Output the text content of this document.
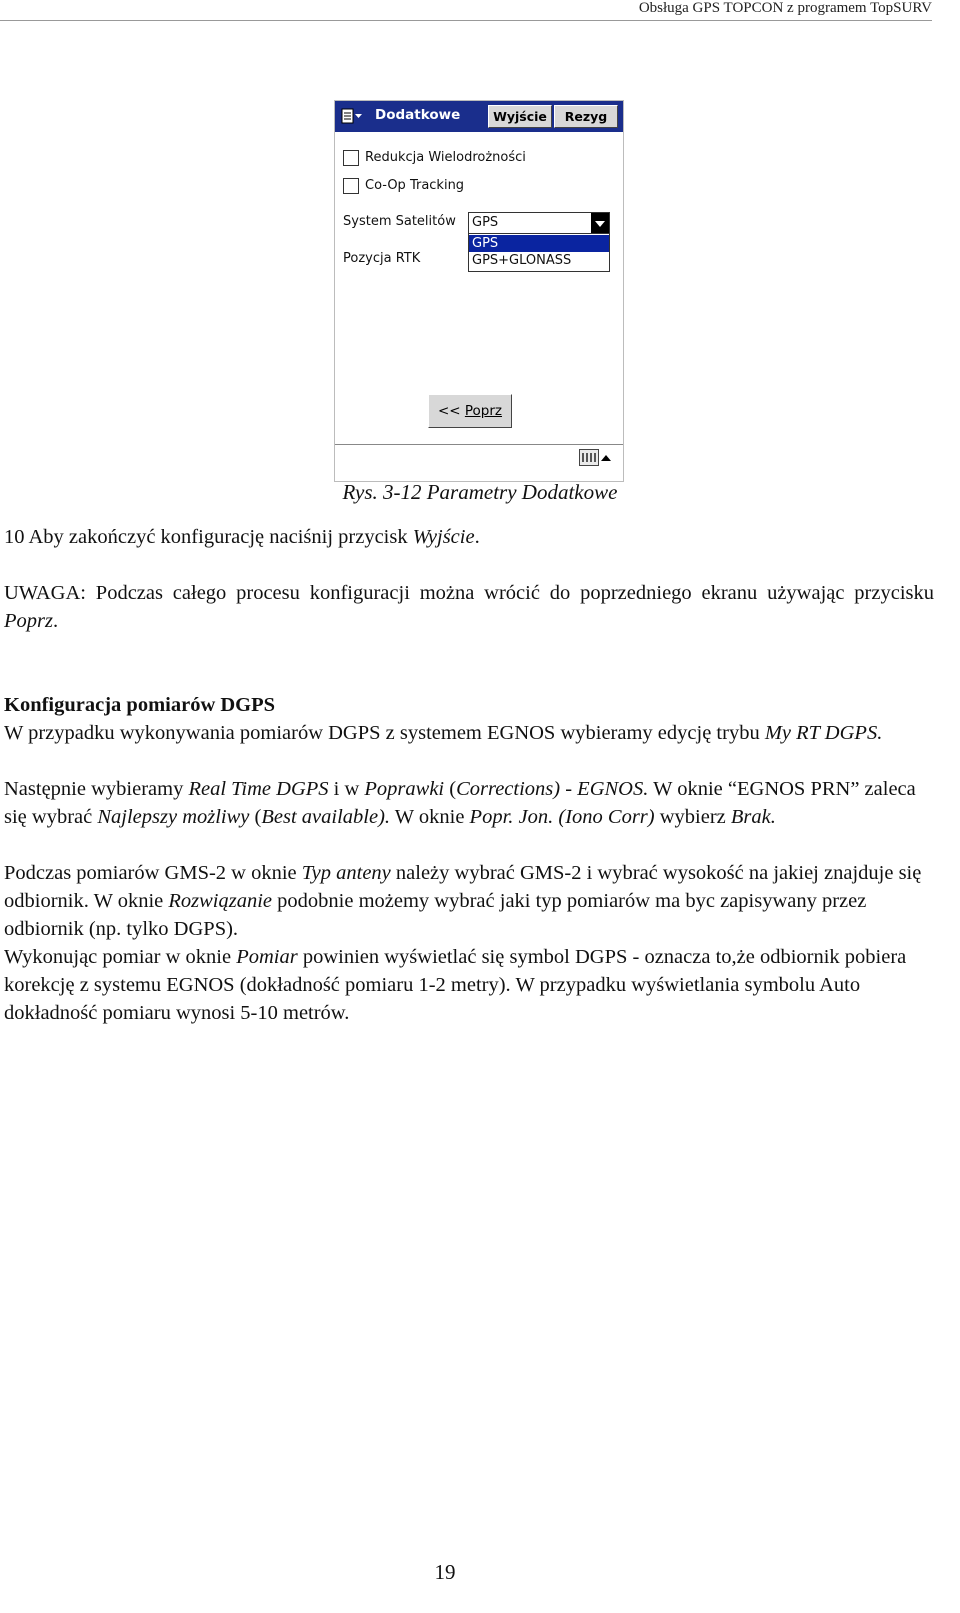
Obsługa GPS TOPCON z programem TopSURV
Dodatkowe	Wyjście	Rezyg
Redukcja Wielodrożności
Co-Op Tracking
System Satelitów GPS
GPS
GPS+GLONASS
Pozycja RTK
<< Poprz
Rys. 3-12 Parametry Dodatkowe
10 Aby zakończyć konfigurację naciśnij przycisk Wyjście.
UWAGA: Podczas całego procesu konfiguracji można wrócić do poprzedniego ekranu używając przycisku Poprz.
Konfiguracja pomiarów DGPS
W przypadku wykonywania pomiarów DGPS z systemem EGNOS wybieramy edycję trybu My RT DGPS.
Następnie wybieramy Real Time DGPS i w Poprawki (Corrections) - EGNOS. W oknie “EGNOS PRN” zaleca się wybrać Najlepszy możliwy (Best available). W oknie Popr. Jon. (Iono Corr) wybierz Brak.
Podczas pomiarów GMS-2 w oknie Typ anteny należy wybrać GMS-2 i wybrać wysokość na jakiej znajduje się odbiornik. W oknie Rozwiązanie podobnie możemy wybrać jaki typ pomiarów ma byc zapisywany przez odbiornik (np. tylko DGPS).
Wykonując pomiar w oknie Pomiar powinien wyświetlać się symbol DGPS - oznacza to,że odbiornik pobiera korekcję z systemu EGNOS (dokładność pomiaru 1-2 metry). W przypadku wyświetlania symbolu Auto dokładność pomiaru wynosi 5-10 metrów.
19
